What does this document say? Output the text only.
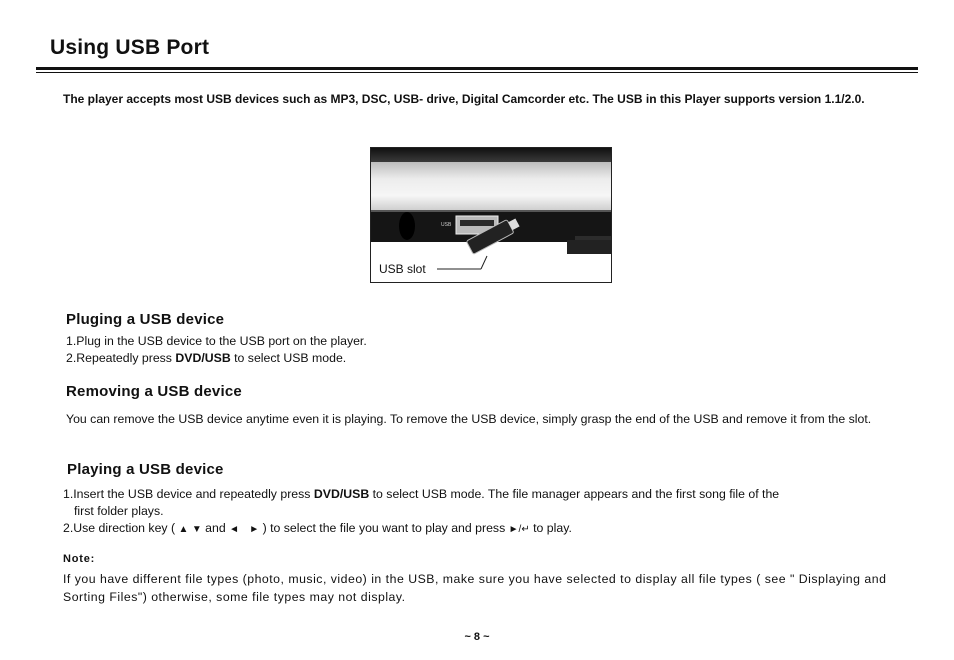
Using USB Port
The player accepts most USB devices such as MP3, DSC, USB- drive, Digital Camcorder etc. The USB in this Player supports version 1.1/2.0.
USB
USB slot
Pluging a USB device
1.Plug in the USB device to the USB port on the player.
2.Repeatedly press DVD/USB to select USB mode.
Removing a USB device
You can remove the USB device anytime even it is playing. To remove the USB device, simply grasp the end of the USB and remove it from the slot.
Playing a USB device
1.Insert the USB device and repeatedly press DVD/USB to select USB mode. The file manager appears and the first song file of the
first folder plays.
2.Use direction key ( ▲ ▼ and ◄ ► ) to select the file you want to play and press ►/↵ to play.
Note:
If you have different file types (photo, music, video) in the USB, make sure you have selected to display all file types ( see " Displaying and Sorting Files") otherwise, some file types may not display.
~ 8 ~
